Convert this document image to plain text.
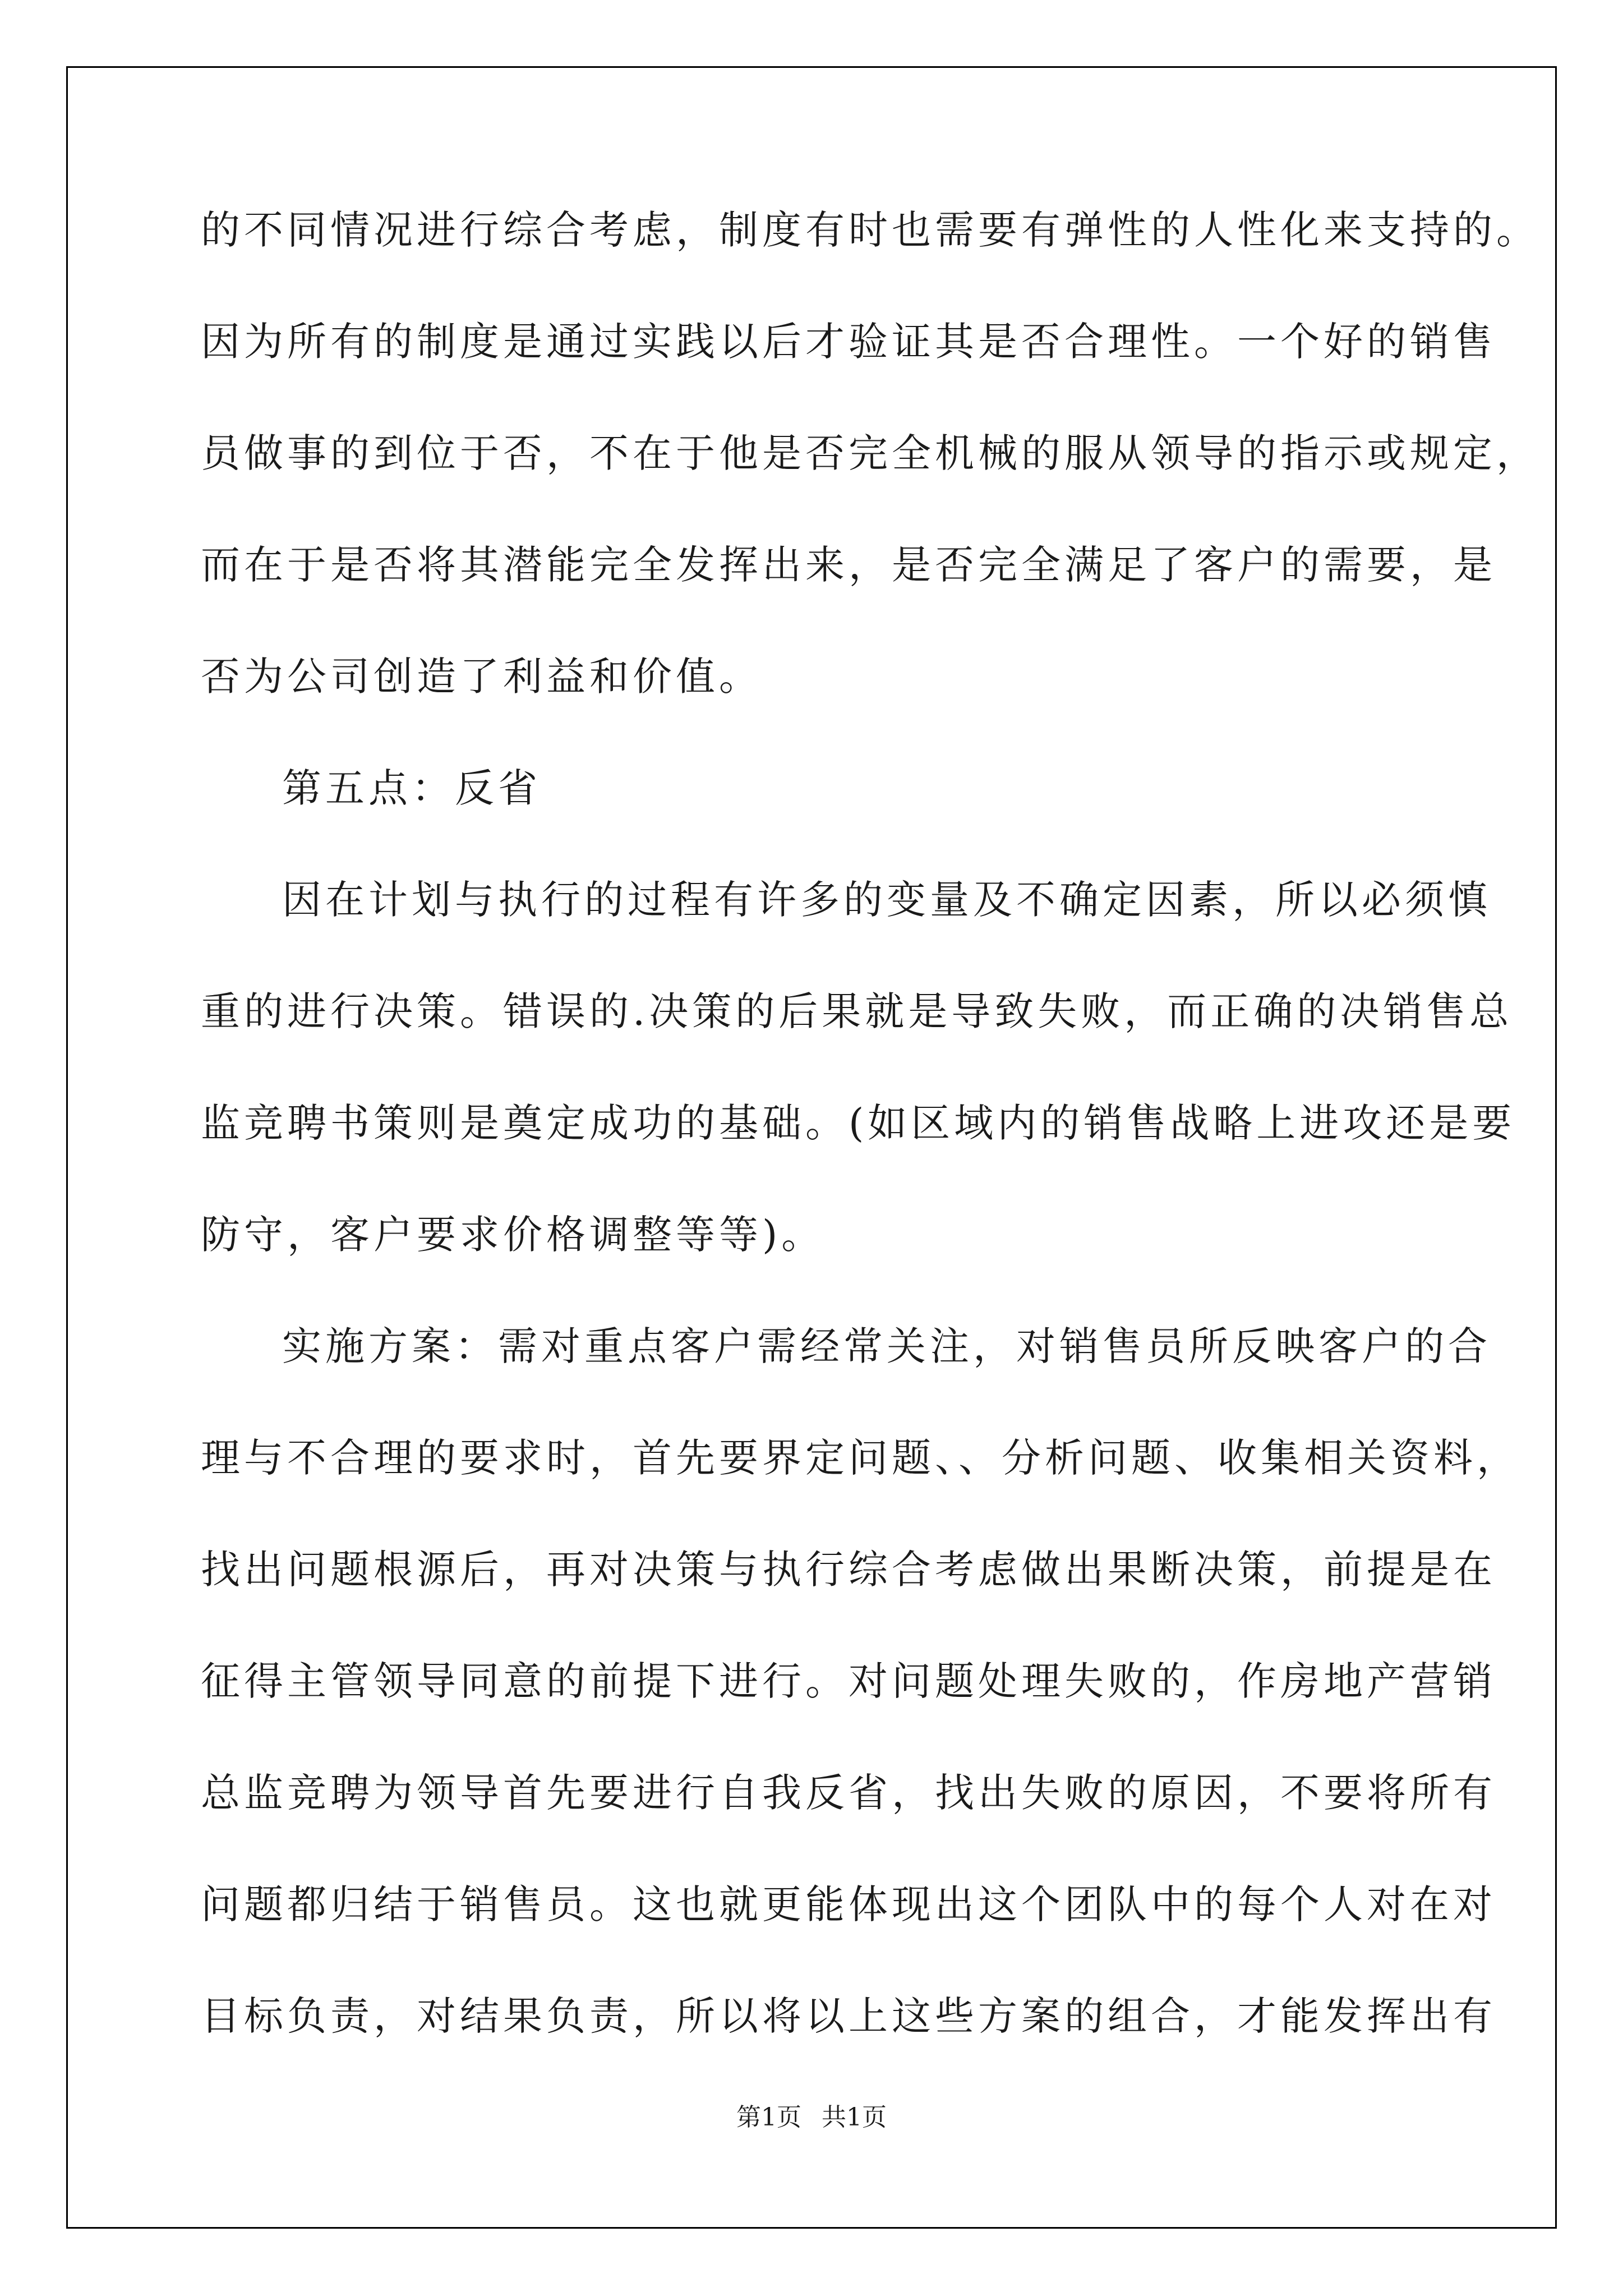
的不同情况进行综合考虑，制度有时也需要有弹性的人性化来支持的。
因为所有的制度是通过实践以后才验证其是否合理性。一个好的销售
员做事的到位于否，不在于他是否完全机械的服从领导的指示或规定，
而在于是否将其潜能完全发挥出来，是否完全满足了客户的需要，是
否为公司创造了利益和价值。
第五点：反省
因在计划与执行的过程有许多的变量及不确定因素，所以必须慎
重的进行决策。错误的.决策的后果就是导致失败，而正确的决销售总
监竞聘书策则是奠定成功的基础。(如区域内的销售战略上进攻还是要
防守，客户要求价格调整等等)。
实施方案：需对重点客户需经常关注，对销售员所反映客户的合
理与不合理的要求时，首先要界定问题、、分析问题、收集相关资料，
找出问题根源后，再对决策与执行综合考虑做出果断决策，前提是在
征得主管领导同意的前提下进行。对问题处理失败的，作房地产营销
总监竞聘为领导首先要进行自我反省，找出失败的原因，不要将所有
问题都归结于销售员。这也就更能体现出这个团队中的每个人对在对
目标负责，对结果负责，所以将以上这些方案的组合，才能发挥出有
第1页 共1页
